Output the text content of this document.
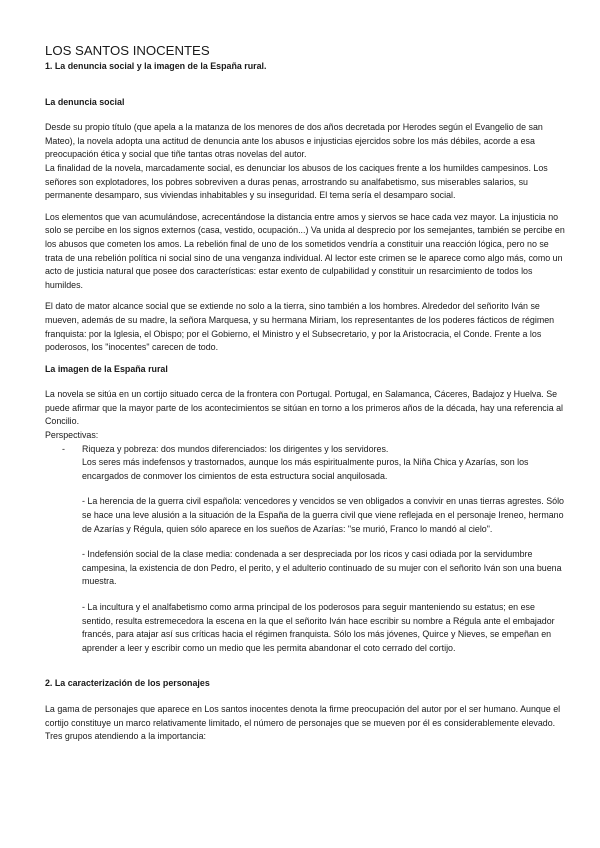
LOS SANTOS INOCENTES

1. La denuncia social y la imagen de la España rural.

La denuncia social

Desde su propio título (que apela a la matanza de los menores de dos años decretada por Herodes según el Evangelio de san Mateo), la novela adopta una actitud de denuncia ante los abusos e injusticias ejercidos sobre los más débiles, acorde a esa preocupación ética y social que tiñe tantas otras novelas del autor.

La finalidad de la novela, marcadamente social, es denunciar los abusos de los caciques frente a los humildes campesinos. Los señores son explotadores, los pobres sobreviven a duras penas, arrostrando su analfabetismo, sus miserables salarios, su permanente desamparo, sus viviendas inhabitables y su inseguridad. El tema sería el desamparo social.

Los elementos que van acumulándose, acrecentándose la distancia entre amos y siervos se hace cada vez mayor. La injusticia no solo se percibe en los signos externos (casa, vestido, ocupación...) Va unida al desprecio por los semejantes, también se percibe en los abusos que cometen los amos. La rebelión final de uno de los sometidos vendría a constituir una reacción lógica, pero no se trata de una rebelión política ni social sino de una venganza individual. Al lector este crimen se le aparece como algo más, como un acto de justicia natural que posee dos características: estar exento de culpabilidad y constituir un resarcimiento de todos los humildes.

El dato de mator alcance social que se extiende no solo a la tierra, sino también a los hombres. Alrededor del señorito Iván se mueven, además de su madre, la señora Marquesa, y su hermana Miriam, los representantes de los poderes fácticos de régimen franquista: por la Iglesia, el Obispo; por el Gobierno, el Ministro y el Subsecretario, y por la Aristocracia, el Conde. Frente a los poderosos, los "inocentes" carecen de todo.

La imagen de la España rural

La novela se sitúa en un cortijo situado cerca de la frontera con Portugal. Portugal, en Salamanca, Cáceres, Badajoz y Huelva. Se puede afirmar que la mayor parte de los acontecimientos se sitúan en torno a los primeros años de la década, hay una referencia al Concilio.

Perspectivas:

- Riqueza y pobreza: dos mundos diferenciados: los dirigentes y los servidores.

Los seres más indefensos y trastornados, aunque los más espiritualmente puros, la Niña Chica y Azarías, son los encargados de conmover los cimientos de esta estructura social anquilosada.

- La herencia de la guerra civil española: vencedores y vencidos se ven obligados a convivir en unas tierras agrestes. Sólo se hace una leve alusión a la situación de la España de la guerra civil que viene reflejada en el personaje Ireneo, hermano de Azarías y Régula, quien sólo aparece en los sueños de Azarías: "se murió, Franco lo mandó al cielo".

- Indefensión social de la clase media: condenada a ser despreciada por los ricos y casi odiada por la servidumbre campesina, la existencia de don Pedro, el perito, y el adulterio continuado de su mujer con el señorito Iván son una buena muestra.

- La incultura y el analfabetismo como arma principal de los poderosos para seguir manteniendo su estatus; en ese sentido, resulta estremecedora la escena en la que el señorito Iván hace escribir su nombre a Régula ante el embajador francés, para atajar así sus críticas hacia el régimen franquista. Sólo los más jóvenes, Quirce y Nieves, se empeñan en aprender a leer y escribir como un medio que les permita abandonar el coto cerrado del cortijo.

2. La caracterización de los personajes

La gama de personajes que aparece en Los santos inocentes denota la firme preocupación del autor por el ser humano. Aunque el cortijo constituye un marco relativamente limitado, el número de personajes que se mueven por él es considerablemente elevado. Tres grupos atendiendo a la importancia:
